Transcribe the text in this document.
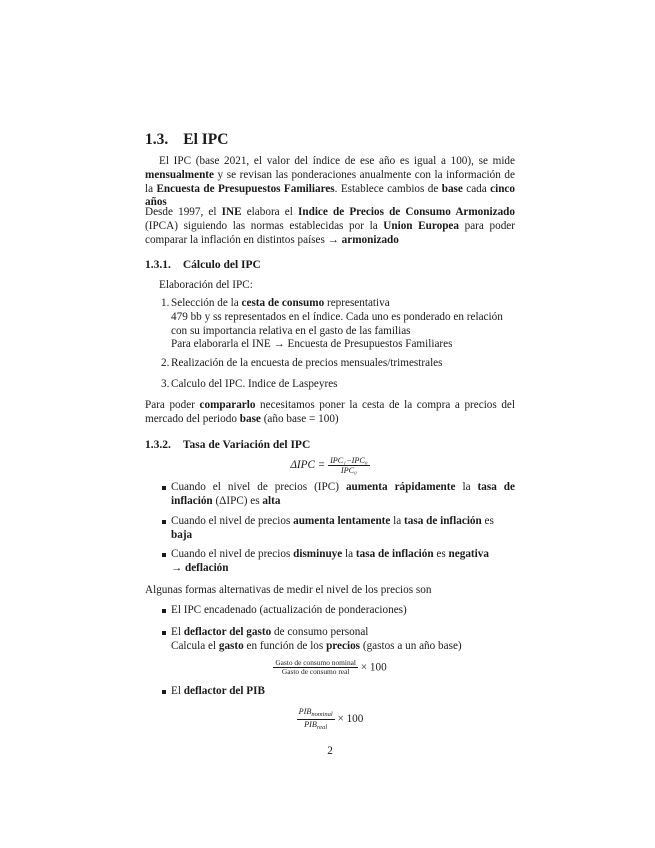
1.3. El IPC
El IPC (base 2021, el valor del índice de ese año es igual a 100), se mide mensualmente y se revisan las ponderaciones anualmente con la información de la Encuesta de Presupuestos Familiares. Establece cambios de base cada cinco años
Desde 1997, el INE elabora el Indice de Precios de Consumo Armonizado (IPCA) siguiendo las normas establecidas por la Union Europea para poder comparar la inflación en distintos países → armonizado
1.3.1. Cálculo del IPC
Elaboración del IPC:
1. Selección de la cesta de consumo representativa
479 bb y ss representados en el índice. Cada uno es ponderado en relación con su importancia relativa en el gasto de las familias
Para elaborarla el INE → Encuesta de Presupuestos Familiares
2. Realización de la encuesta de precios mensuales/trimestrales
3. Calculo del IPC. Indice de Laspeyres
Para poder compararlo necesitamos poner la cesta de la compra a precios del mercado del periodo base (año base = 100)
1.3.2. Tasa de Variación del IPC
$\Delta IPC = \frac{\text{IPC₁−IPC₀}}{\text{IPC₀}}$
Cuando el nivel de precios (IPC) aumenta rápidamente la tasa de inflación (ΔIPC) es alta
Cuando el nivel de precios aumenta lentamente la tasa de inflación es baja
Cuando el nivel de precios disminuye la tasa de inflación es negativa
→ deflación
Algunas formas alternativas de medir el nivel de los precios son
El IPC encadenado (actualización de ponderaciones)
El deflactor del gasto de consumo personal
Calcula el gasto en función de los precios (gastos a un año base)
$\frac{\text{Gasto de consumo nominal}}{\text{Gasto de consumo real}} \times 100$
El deflactor del PIB
$\frac{PIB_{nominal}}{PIB_{real}} \times 100$
2
